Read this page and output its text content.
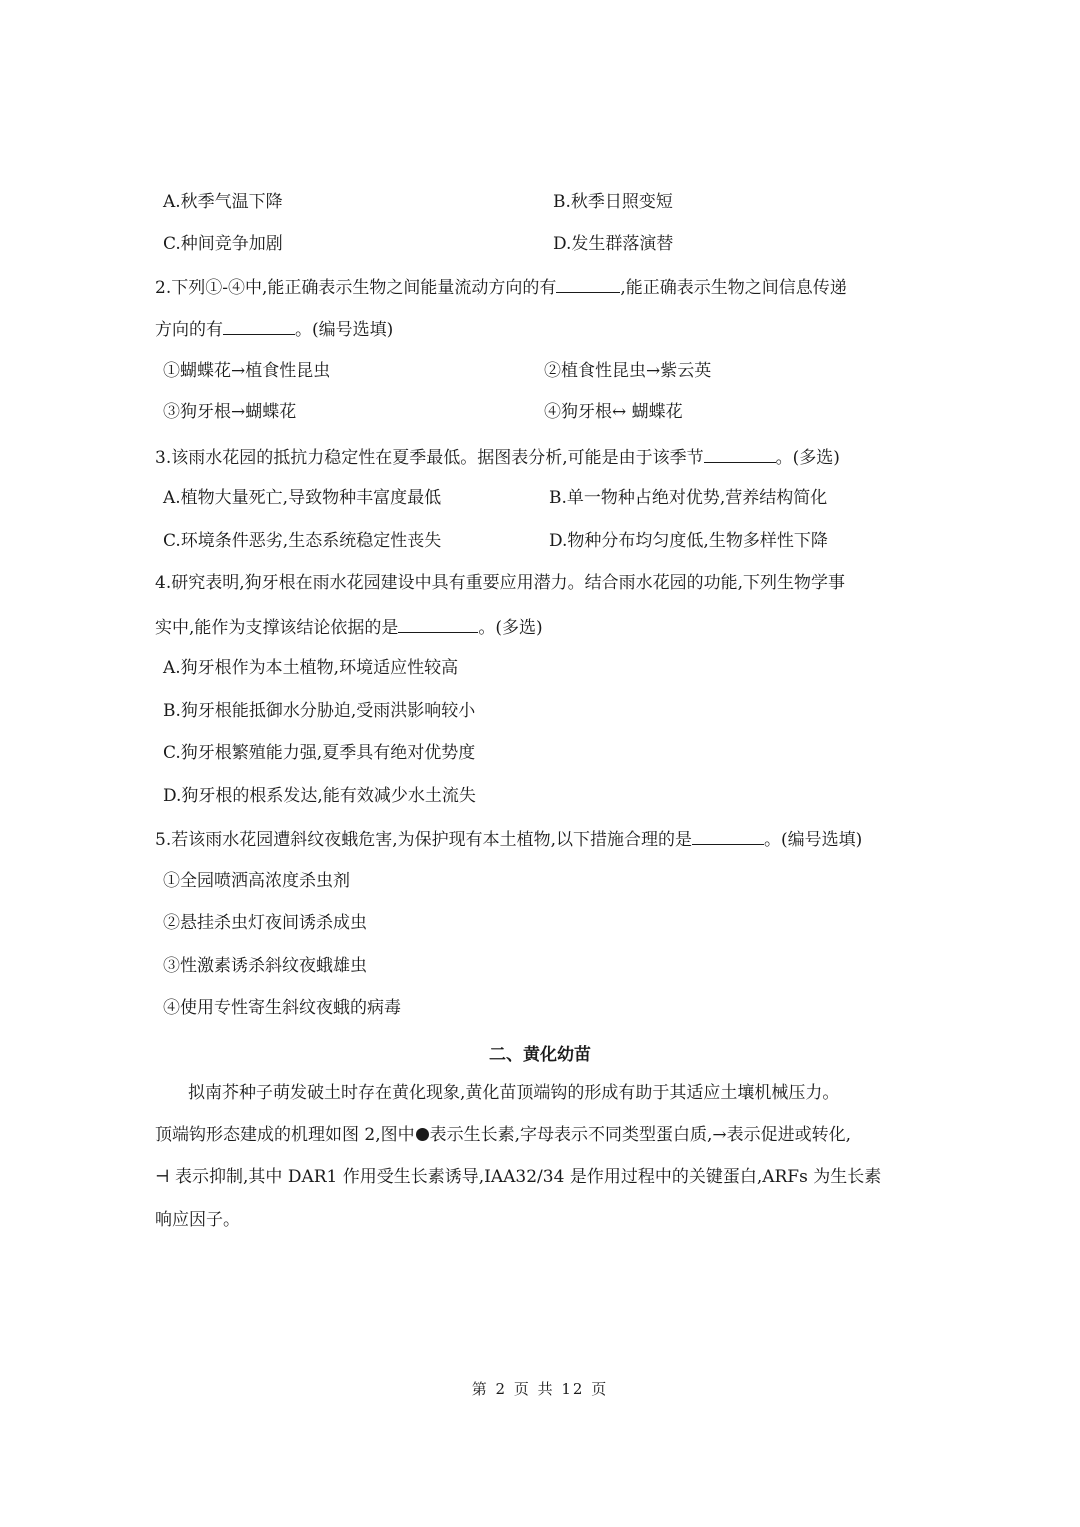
A.秋季气温下降	B.秋季日照变短
C.种间竞争加剧	D.发生群落演替
2.下列①-④中,能正确表示生物之间能量流动方向的有	,能正确表示生物之间信息传递
方向的有	。(编号选填)
①蝴蝶花→植食性昆虫	②植食性昆虫→紫云英
③狗牙根→蝴蝶花	④狗牙根↔ 蝴蝶花
3.该雨水花园的抵抗力稳定性在夏季最低。据图表分析,可能是由于该季节	。(多选)
A.植物大量死亡,导致物种丰富度最低	B.单一物种占绝对优势,营养结构简化
C.环境条件恶劣,生态系统稳定性丧失	D.物种分布均匀度低,生物多样性下降
4.研究表明,狗牙根在雨水花园建设中具有重要应用潜力。结合雨水花园的功能,下列生物学事
实中,能作为支撑该结论依据的是	。(多选)
A.狗牙根作为本土植物,环境适应性较高
B.狗牙根能抵御水分胁迫,受雨洪影响较小
C.狗牙根繁殖能力强,夏季具有绝对优势度
D.狗牙根的根系发达,能有效减少水土流失
5.若该雨水花园遭斜纹夜蛾危害,为保护现有本土植物,以下措施合理的是	。(编号选填)
①全园喷洒高浓度杀虫剂
②悬挂杀虫灯夜间诱杀成虫
③性激素诱杀斜纹夜蛾雄虫
④使用专性寄生斜纹夜蛾的病毒
二、黄化幼苗
拟南芥种子萌发破土时存在黄化现象,黄化苗顶端钩的形成有助于其适应土壤机械压力。
顶端钩形态建成的机理如图 2,图中 表示生长素,字母表示不同类型蛋白质,→表示促进或转化,
⊣ 表示抑制,其中 DAR1 作用受生长素诱导,IAA32/34 是作用过程中的关键蛋白,ARFs 为生长素
响应因子。
第 2 页 共 12 页
